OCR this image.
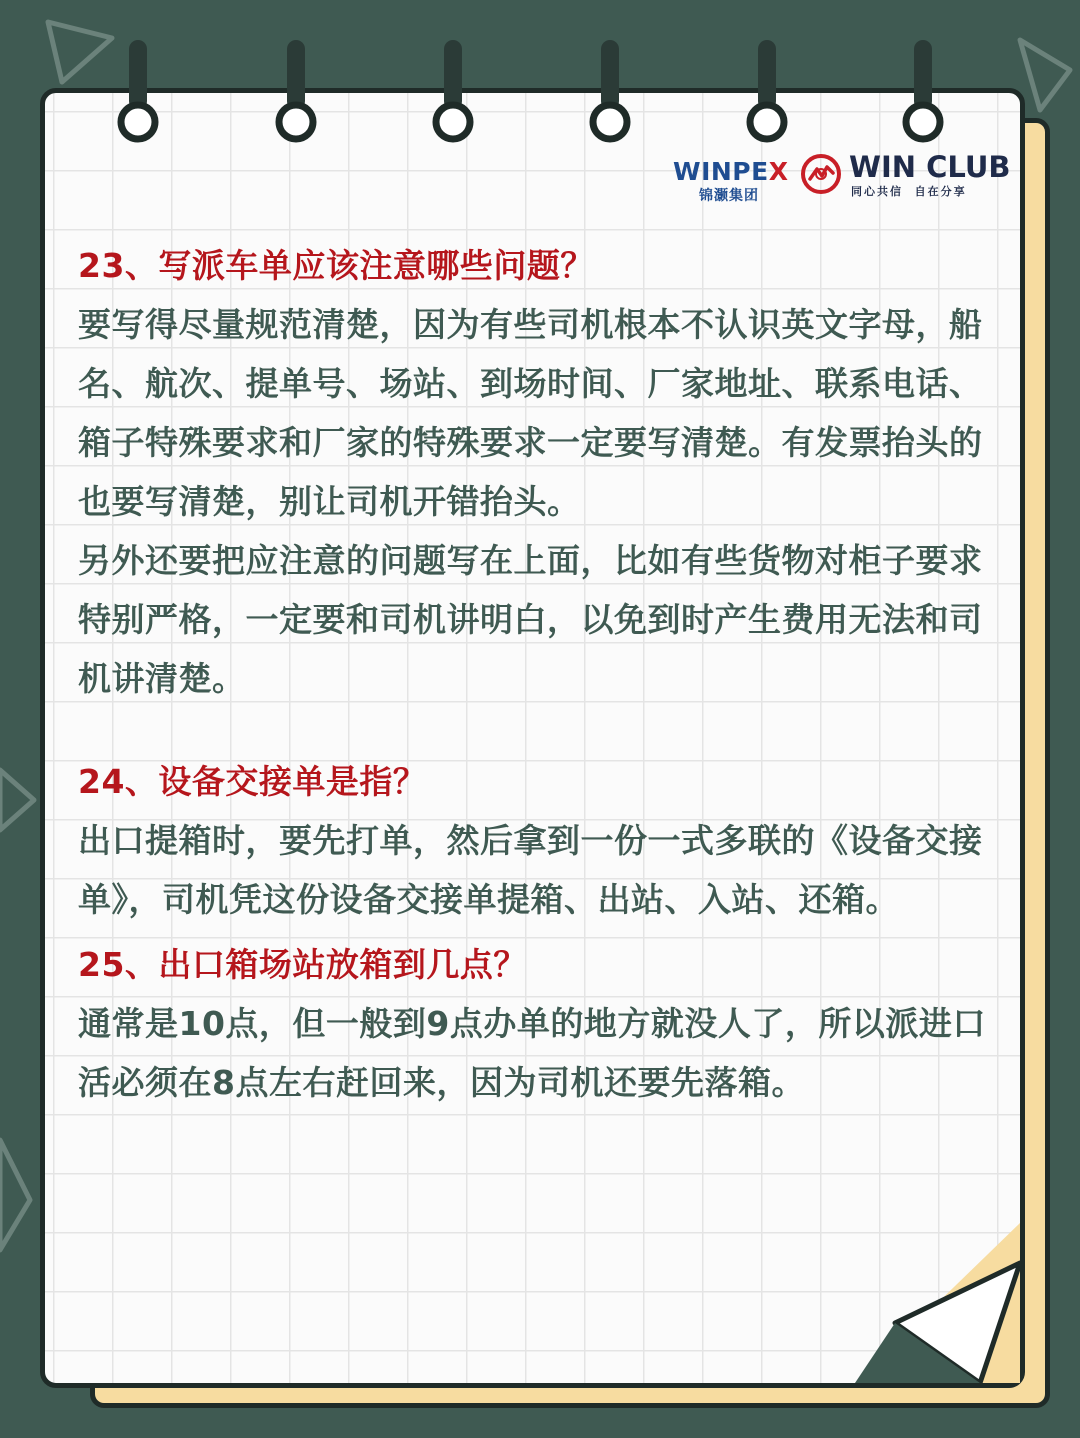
WINPEX
锦灏集团
WIN CLUB
同心共信  自在分享

23、写派车单应该注意哪些问题？

要写得尽量规范清楚，因为有些司机根本不认识英文字母，船名、航次、提单号、场站、到场时间、厂家地址、联系电话、箱子特殊要求和厂家的特殊要求一定要写清楚。有发票抬头的也要写清楚，别让司机开错抬头。

另外还要把应注意的问题写在上面，比如有些货物对柜子要求特别严格，一定要和司机讲明白，以免到时产生费用无法和司机讲清楚。

24、设备交接单是指？

出口提箱时，要先打单，然后拿到一份一式多联的《设备交接单》，司机凭这份设备交接单提箱、出站、入站、还箱。

25、出口箱场站放箱到几点？

通常是10点，但一般到9点办单的地方就没人了，所以派进口活必须在8点左右赶回来，因为司机还要先落箱。
